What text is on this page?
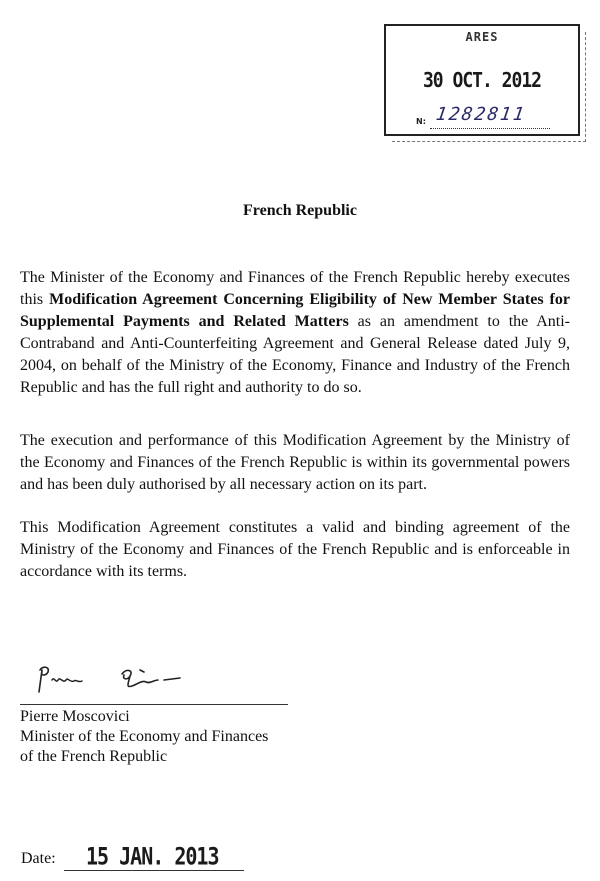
ARES
30 OCT. 2012
N: 1282811
French Republic

The Minister of the Economy and Finances of the French Republic hereby executes this Modification Agreement Concerning Eligibility of New Member States for Supplemental Payments and Related Matters as an amendment to the Anti-Contraband and Anti-Counterfeiting Agreement and General Release dated July 9, 2004, on behalf of the Ministry of the Economy, Finance and Industry of the French Republic and has the full right and authority to do so.

The execution and performance of this Modification Agreement by the Ministry of the Economy and Finances of the French Republic is within its governmental powers and has been duly authorised by all necessary action on its part.

This Modification Agreement constitutes a valid and binding agreement of the Ministry of the Economy and Finances of the French Republic and is enforceable in accordance with its terms.

Pierre Moscovici
Minister of the Economy and Finances
of the French Republic
Date: 15 JAN. 2013
